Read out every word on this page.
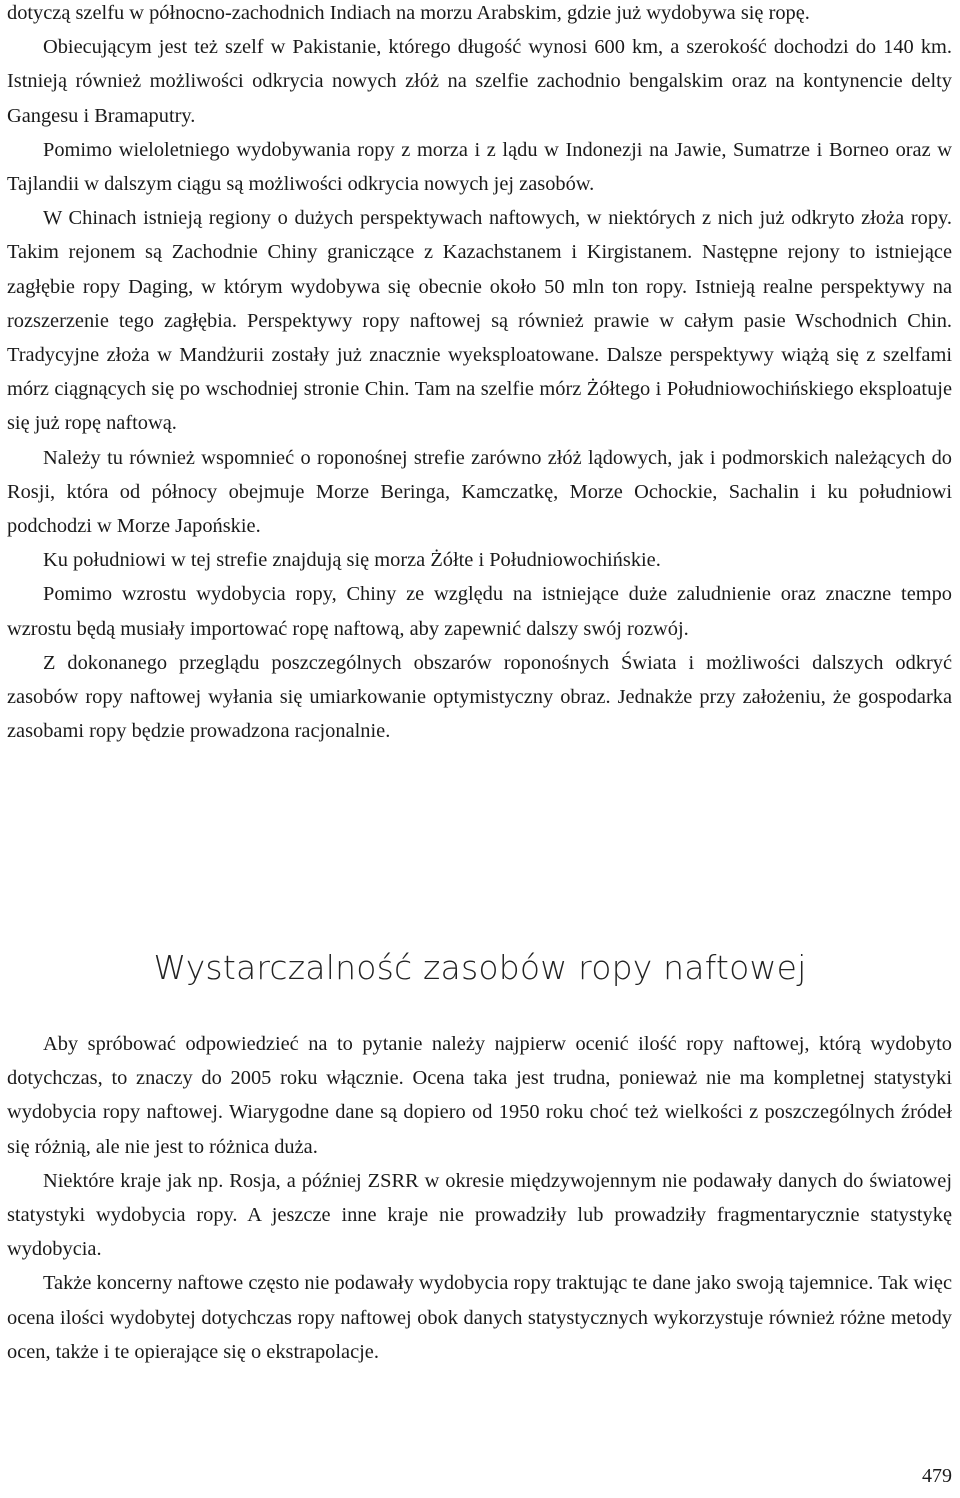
dotyczą szelfu w północno-zachodnich Indiach na morzu Arabskim, gdzie już wydobywa się ropę.

Obiecującym jest też szelf w Pakistanie, którego długość wynosi 600 km, a szerokość dochodzi do 140 km. Istnieją również możliwości odkrycia nowych złóż na szelfie zachodnio bengalskim oraz na kontynencie delty Gangesu i Bramaputry.

Pomimo wieloletniego wydobywania ropy z morza i z lądu w Indonezji na Jawie, Sumatrze i Borneo oraz w Tajlandii w dalszym ciągu są możliwości odkrycia nowych jej zasobów.

W Chinach istnieją regiony o dużych perspektywach naftowych, w niektórych z nich już odkryto złoża ropy. Takim rejonem są Zachodnie Chiny graniczące z Kazachstanem i Kirgistanem. Następne rejony to istniejące zagłębie ropy Daging, w którym wydobywa się obecnie około 50 mln ton ropy. Istnieją realne perspektywy na rozszerzenie tego zagłębia. Perspektywy ropy naftowej są również prawie w całym pasie Wschodnich Chin. Tradycyjne złoża w Mandżurii zostały już znacznie wyeksploatowane. Dalsze perspektywy wiążą się z szelfami mórz ciągnących się po wschodniej stronie Chin. Tam na szelfie mórz Żółtego i Południowochińskiego eksploatuje się już ropę naftową.

Należy tu również wspomnieć o roponośnej strefie zarówno złóż lądowych, jak i podmorskich należących do Rosji, która od północy obejmuje Morze Beringa, Kamczatkę, Morze Ochockie, Sachalin i ku południowi podchodzi w Morze Japońskie.

Ku południowi w tej strefie znajdują się morza Żółte i Południowochińskie.

Pomimo wzrostu wydobycia ropy, Chiny ze względu na istniejące duże zaludnienie oraz znaczne tempo wzrostu będą musiały importować ropę naftową, aby zapewnić dalszy swój rozwój.

Z dokonanego przeglądu poszczególnych obszarów roponośnych Świata i możliwości dalszych odkryć zasobów ropy naftowej wyłania się umiarkowanie optymistyczny obraz. Jednakże przy założeniu, że gospodarka zasobami ropy będzie prowadzona racjonalnie.

Wystarczalność zasobów ropy naftowej

Aby spróbować odpowiedzieć na to pytanie należy najpierw ocenić ilość ropy naftowej, którą wydobyto dotychczas, to znaczy do 2005 roku włącznie. Ocena taka jest trudna, ponieważ nie ma kompletnej statystyki wydobycia ropy naftowej. Wiarygodne dane są dopiero od 1950 roku choć też wielkości z poszczególnych źródeł się różnią, ale nie jest to różnica duża.

Niektóre kraje jak np. Rosja, a później ZSRR w okresie międzywojennym nie podawały danych do światowej statystyki wydobycia ropy. A jeszcze inne kraje nie prowadziły lub prowadziły fragmentarycznie statystykę wydobycia.

Także koncerny naftowe często nie podawały wydobycia ropy traktując te dane jako swoją tajemnice. Tak więc ocena ilości wydobytej dotychczas ropy naftowej obok danych statystycznych wykorzystuje również różne metody ocen, także i te opierające się o ekstrapolacje.

479
